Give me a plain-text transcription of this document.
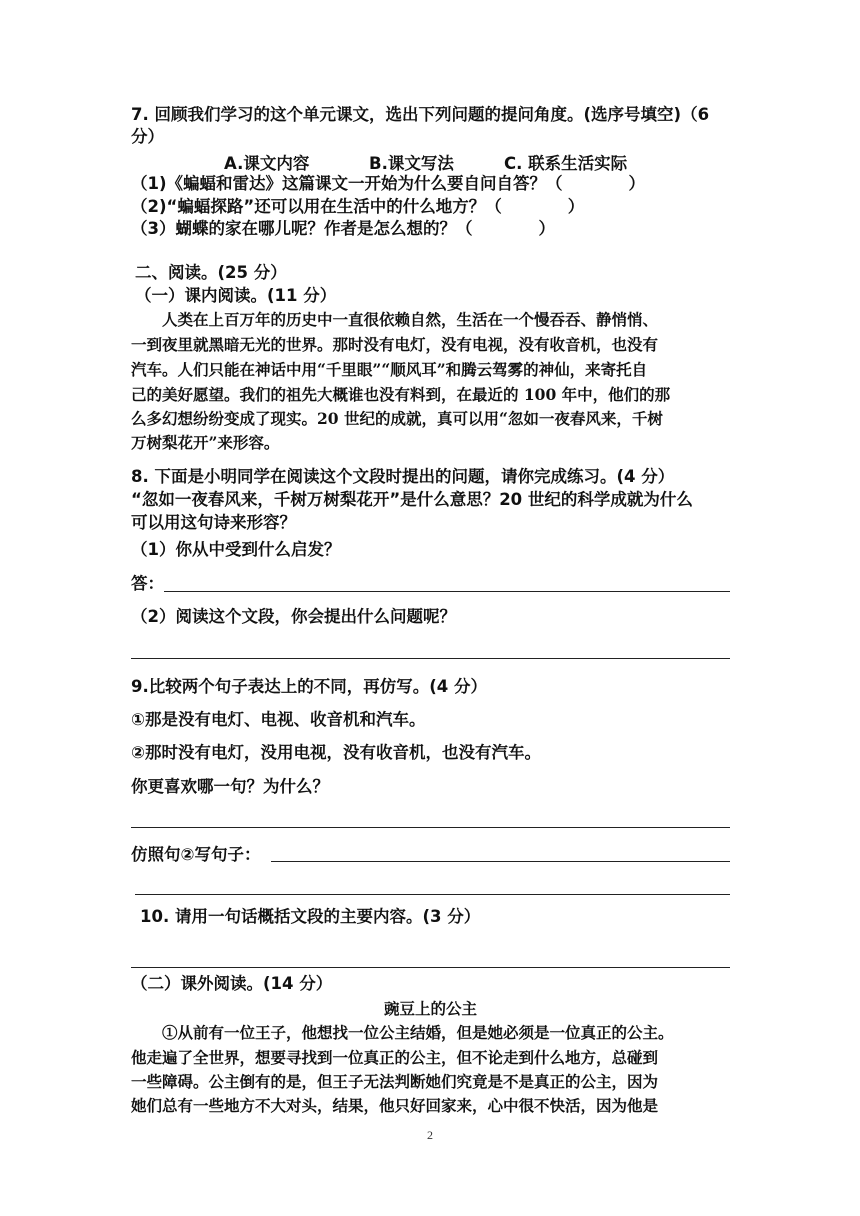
7. 回顾我们学习的这个单元课文，选出下列问题的提问角度。(选序号填空)（6
分）
A.课文内容	B.课文写法	C. 联系生活实际
（1)《蝙蝠和雷达》这篇课文一开始为什么要自问自答？（　　　　）
（2)“蝙蝠探路”还可以用在生活中的什么地方？（　　　　）
（3）蝴蝶的家在哪儿呢？作者是怎么想的？（　　　　）
二、阅读。(25 分）
（一）课内阅读。(11 分）
　　人类在上百万年的历史中一直很依赖自然，生活在一个慢吞吞、静悄悄、
一到夜里就黑暗无光的世界。那时没有电灯，没有电视，没有收音机，也没有
汽车。人们只能在神话中用“千里眼”“顺风耳”和腾云驾雾的神仙，来寄托自
己的美好愿望。我们的祖先大概谁也没有料到，在最近的 100 年中，他们的那
么多幻想纷纷变成了现实。20 世纪的成就，真可以用“忽如一夜春风来，千树
万树梨花开”来形容。
8. 下面是小明同学在阅读这个文段时提出的问题，请你完成练习。(4 分）
“忽如一夜春风来，千树万树梨花开”是什么意思？20 世纪的科学成就为什么
可以用这句诗来形容？
（1）你从中受到什么启发？
答：
（2）阅读这个文段，你会提出什么问题呢？
9.比较两个句子表达上的不同，再仿写。(4 分）
①那是没有电灯、电视、收音机和汽车。
②那时没有电灯，没用电视，没有收音机，也没有汽车。
你更喜欢哪一句？为什么？
仿照句②写句子：
10. 请用一句话概括文段的主要内容。(3 分）
（二）课外阅读。(14 分）
豌豆上的公主
　　①从前有一位王子，他想找一位公主结婚，但是她必须是一位真正的公主。
他走遍了全世界，想要寻找到一位真正的公主，但不论走到什么地方，总碰到
一些障碍。公主倒有的是，但王子无法判断她们究竟是不是真正的公主，因为
她们总有一些地方不大对头，结果，他只好回家来，心中很不快活，因为他是
2
